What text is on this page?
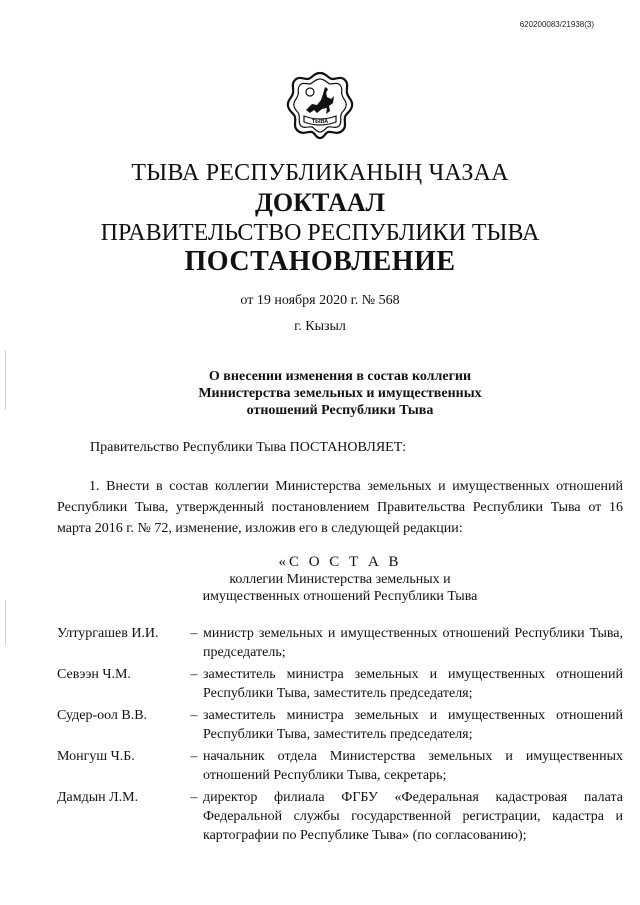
620200083/21938(3)
ТЫВА
ТЫВА РЕСПУБЛИКАНЫҢ ЧАЗАА
ДОКТААЛ
ПРАВИТЕЛЬСТВО РЕСПУБЛИКИ ТЫВА
ПОСТАНОВЛЕНИЕ
от 19 ноября 2020 г. № 568
г. Кызыл
О внесении изменения в состав коллегии
Министерства земельных и имущественных
отношений Республики Тыва
Правительство Республики Тыва ПОСТАНОВЛЯЕТ:

1. Внести в состав коллегии Министерства земельных и имущественных отношений Республики Тыва, утвержденный постановлением Правительства Республики Тыва от 16 марта 2016 г. № 72, изменение, изложив его в следующей редакции:

«С О С Т А В
коллегии Министерства земельных и
имущественных отношений Республики Тыва
Ултургашев И.И.	– министр земельных и имущественных отношений Республики Тыва, председатель;
Севээн Ч.М.	– заместитель министра земельных и имущественных отношений Республики Тыва, заместитель председателя;
Судер-оол В.В.	– заместитель министра земельных и имущественных отношений Республики Тыва, заместитель председателя;
Монгуш Ч.Б.	– начальник отдела Министерства земельных и имущественных отношений Республики Тыва, секретарь;
Дамдын Л.М.	– директор филиала ФГБУ «Федеральная кадастровая палата Федеральной службы государственной регистрации, кадастра и картографии по Республике Тыва» (по согласованию);
